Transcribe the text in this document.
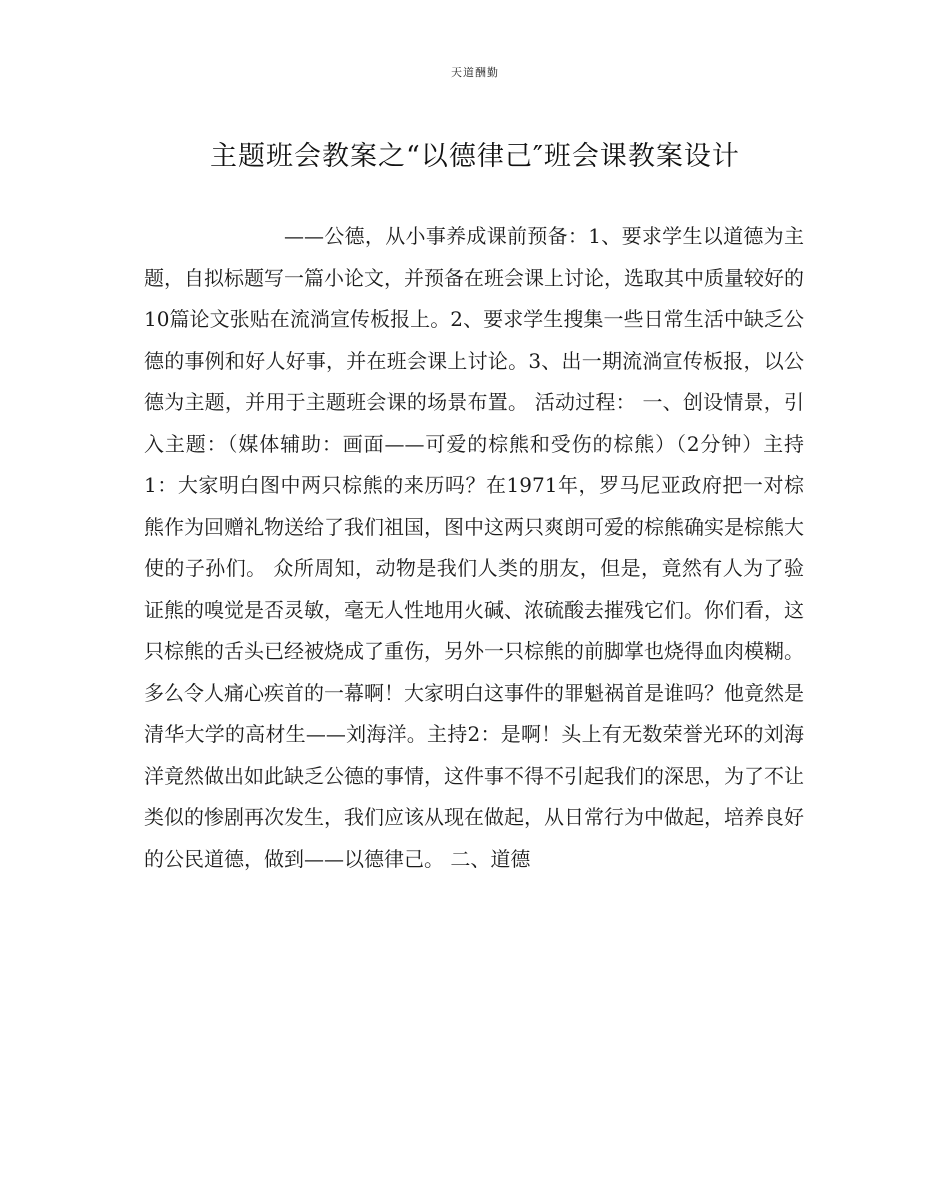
天道酬勤
主题班会教案之“以德律己″班会课教案设计

——公德，从小事养成课前预备：1、要求学生以道德为主题，自拟标题写一篇小论文，并预备在班会课上讨论，选取其中质量较好的10篇论文张贴在流淌宣传板报上。2、要求学生搜集一些日常生活中缺乏公德的事例和好人好事，并在班会课上讨论。3、出一期流淌宣传板报，以公德为主题，并用于主题班会课的场景布置。 活动过程： 一、创设情景，引入主题：（媒体辅助：画面——可爱的棕熊和受伤的棕熊）（2分钟）主持1：大家明白图中两只棕熊的来历吗？在1971年，罗马尼亚政府把一对棕熊作为回赠礼物送给了我们祖国，图中这两只爽朗可爱的棕熊确实是棕熊大使的子孙们。 众所周知，动物是我们人类的朋友，但是，竟然有人为了验证熊的嗅觉是否灵敏，毫无人性地用火碱、浓硫酸去摧残它们。你们看，这只棕熊的舌头已经被烧成了重伤，另外一只棕熊的前脚掌也烧得血肉模糊。多么令人痛心疾首的一幕啊！大家明白这事件的罪魁祸首是谁吗？他竟然是清华大学的高材生——刘海洋。主持2：是啊！头上有无数荣誉光环的刘海洋竟然做出如此缺乏公德的事情，这件事不得不引起我们的深思，为了不让类似的惨剧再次发生，我们应该从现在做起，从日常行为中做起，培养良好的公民道德，做到——以德律己。 二、道德
